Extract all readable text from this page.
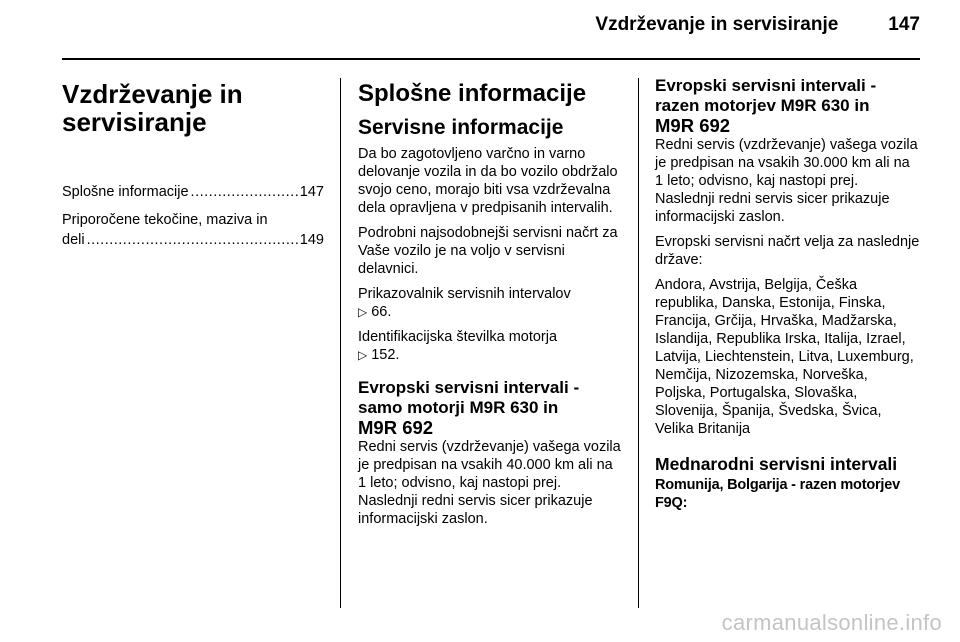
Vzdrževanje in servisiranje	147
Vzdrževanje in
servisiranje
Splošne informacije .....	147
Priporočene tekočine, maziva in
deli .....	149
Splošne informacije
Servisne informacije

Da bo zagotovljeno varčno in varno delovanje vozila in da bo vozilo obdržalo svojo ceno, morajo biti vsa vzdrževalna dela opravljena v predpisanih intervalih.

Podrobni najsodobnejši servisni načrt za Vaše vozilo je na voljo v servisni delavnici.

Prikazovalnik servisnih intervalov
▷ 66.

Identifikacijska številka motorja
▷ 152.

Evropski servisni intervali -
samo motorji M9R 630 in
M9R 692

Redni servis (vzdrževanje) vašega vozila je predpisan na vsakih 40.000 km ali na 1 leto; odvisno, kaj nastopi prej. Naslednji redni servis sicer prikazuje informacijski zaslon.

Evropski servisni intervali -
razen motorjev M9R 630 in
M9R 692

Redni servis (vzdrževanje) vašega vozila je predpisan na vsakih 30.000 km ali na 1 leto; odvisno, kaj nastopi prej. Naslednji redni servis sicer prikazuje informacijski zaslon.

Evropski servisni načrt velja za naslednje države:

Andora, Avstrija, Belgija, Češka republika, Danska, Estonija, Finska, Francija, Grčija, Hrvaška, Madžarska, Islandija, Republika Irska, Italija, Izrael, Latvija, Liechtenstein, Litva, Luxemburg, Nemčija, Nizozemska, Norveška, Poljska, Portugalska, Slovaška, Slovenija, Španija, Švedska, Švica, Velika Britanija

Mednarodni servisni intervali
Romunija, Bolgarija - razen motorjev F9Q:
carmanualsonline.info
